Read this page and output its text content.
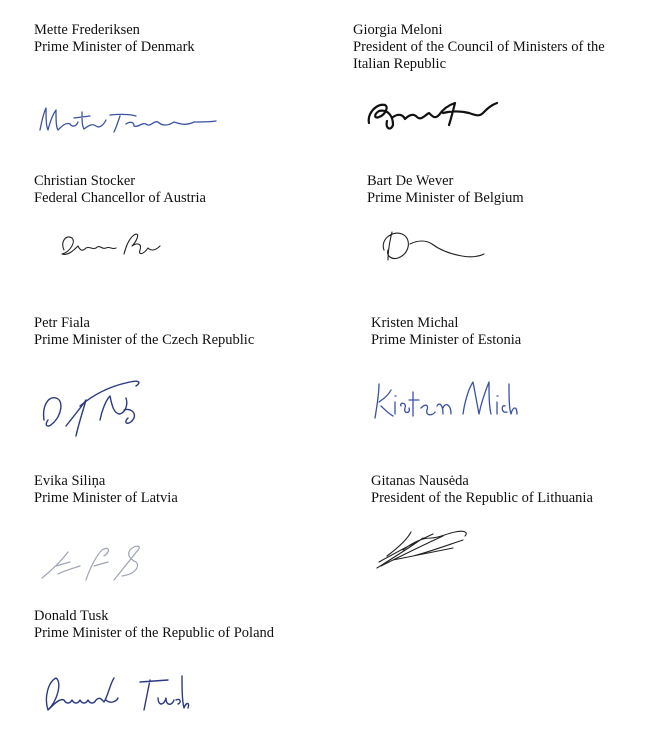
Mette Frederiksen
Prime Minister of Denmark
Giorgia Meloni
President of the Council of Ministers of the Italian Republic
Christian Stocker
Federal Chancellor of Austria
Bart De Wever
Prime Minister of Belgium
Petr Fiala
Prime Minister of the Czech Republic
Kristen Michal
Prime Minister of Estonia
Evika Siliņa
Prime Minister of Latvia
Gitanas Nausėda
President of the Republic of Lithuania
Donald Tusk
Prime Minister of the Republic of Poland
